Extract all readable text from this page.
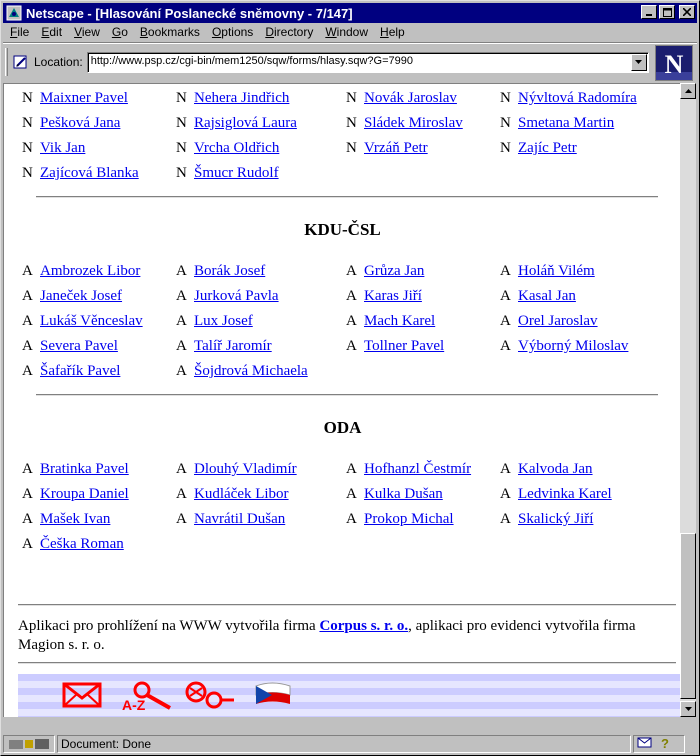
Netscape - [Hlasování Poslanecké sněmovny - 7/147]
File	Edit	View	Go	Bookmarks	Options	Directory	Window	Help
Location: http://www.psp.cz/cgi-bin/mem1250/sqw/forms/hlasy.sqw?G=7990	N
Aplikaci pro prohlížení na WWW vytvořila firma Corpus s. r. o., aplikaci pro evidenci vytvořila firma Magion s. r. o.
A-Z
N Maixner Pavel	N Nehera Jindřich	N Novák Jaroslav	N Nývltová Radomíra
N Pešková Jana	N Rajsiglová Laura	N Sládek Miroslav N Smetana Martin
N Vik Jan	N Vrcha Oldřich	N Vrzáň Petr	N Zajíc Petr
N Zajícová Blanka N Šmucr Rudolf
KDU-ČSL
A Ambrozek Libor A Borák Josef	A Grůza Jan	A Holáň Vilém
A Janeček Josef	A Jurková Pavla	A Karas Jiří	A Kasal Jan
A Lukáš Věnceslav A Lux Josef	A Mach Karel	A Orel Jaroslav
A Severa Pavel	A Talíř Jaromír	A Tollner Pavel	A Výborný Miloslav
A Šafařík Pavel	A Šojdrová Michaela
ODA
A Bratinka Pavel	A Dlouhý Vladimír	A Hofhanzl Čestmír A Kalvoda Jan
A Kroupa Daniel	A Kudláček Libor	A Kulka Dušan	A Ledvinka Karel
A Mašek Ivan	A Navrátil Dušan	A Prokop Michal	A Skalický Jiří
A Češka Roman
Document: Done	?
